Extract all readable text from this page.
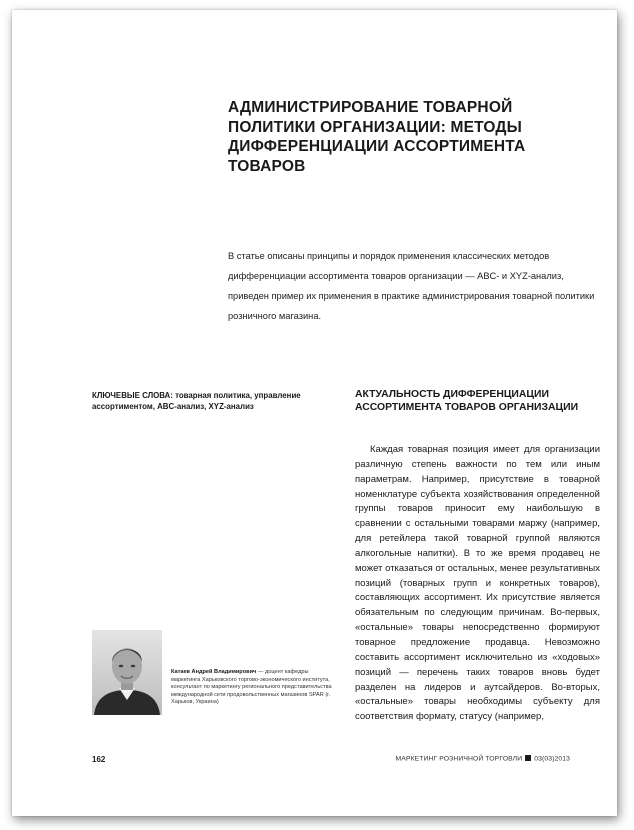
АДМИНИСТРИРОВАНИЕ ТОВАРНОЙ ПОЛИТИКИ ОРГАНИЗАЦИИ: МЕТОДЫ ДИФФЕРЕНЦИАЦИИ АССОРТИМЕНТА ТОВАРОВ

В статье описаны принципы и порядок применения классических методов дифференциации ассортимента товаров организации — ABC- и XYZ-анализ, приведен пример их применения в практике администрирования товарной политики розничного магазина.

КЛЮЧЕВЫЕ СЛОВА: товарная политика, управление ассортиментом, ABC-анализ, XYZ-анализ

АКТУАЛЬНОСТЬ ДИФФЕРЕНЦИАЦИИ АССОРТИМЕНТА ТОВАРОВ ОРГАНИЗАЦИИ

Каждая товарная позиция имеет для организации различную степень важности по тем или иным параметрам. Например, присутствие в товарной номенклатуре субъекта хозяйствования определенной группы товаров приносит ему наибольшую в сравнении с остальными товарами маржу (например, для ретейлера такой товарной группой являются алкогольные напитки). В то же время продавец не может отказаться от остальных, менее результативных позиций (товарных групп и конкретных товаров), составляющих ассортимент. Их присутствие является обязательным по следующим причинам. Во-первых, «остальные» товары непосредственно формируют товарное предложение продавца. Невозможно составить ассортимент исключительно из «ходовых» позиций — перечень таких товаров вновь будет разделен на лидеров и аутсайдеров. Во-вторых, «остальные» товары необходимы субъекту для соответствия формату, статусу (например,

Катаев Андрей Владимирович — доцент кафедры маркетинга Харьковского торгово-экономического института, консультант по маркетингу регионального представительства международной сети продовольственных магазинов SPAR (г. Харьков, Украина)

162	МАРКЕТИНГ РОЗНИЧНОЙ ТОРГОВЛИ 03(03)2013
